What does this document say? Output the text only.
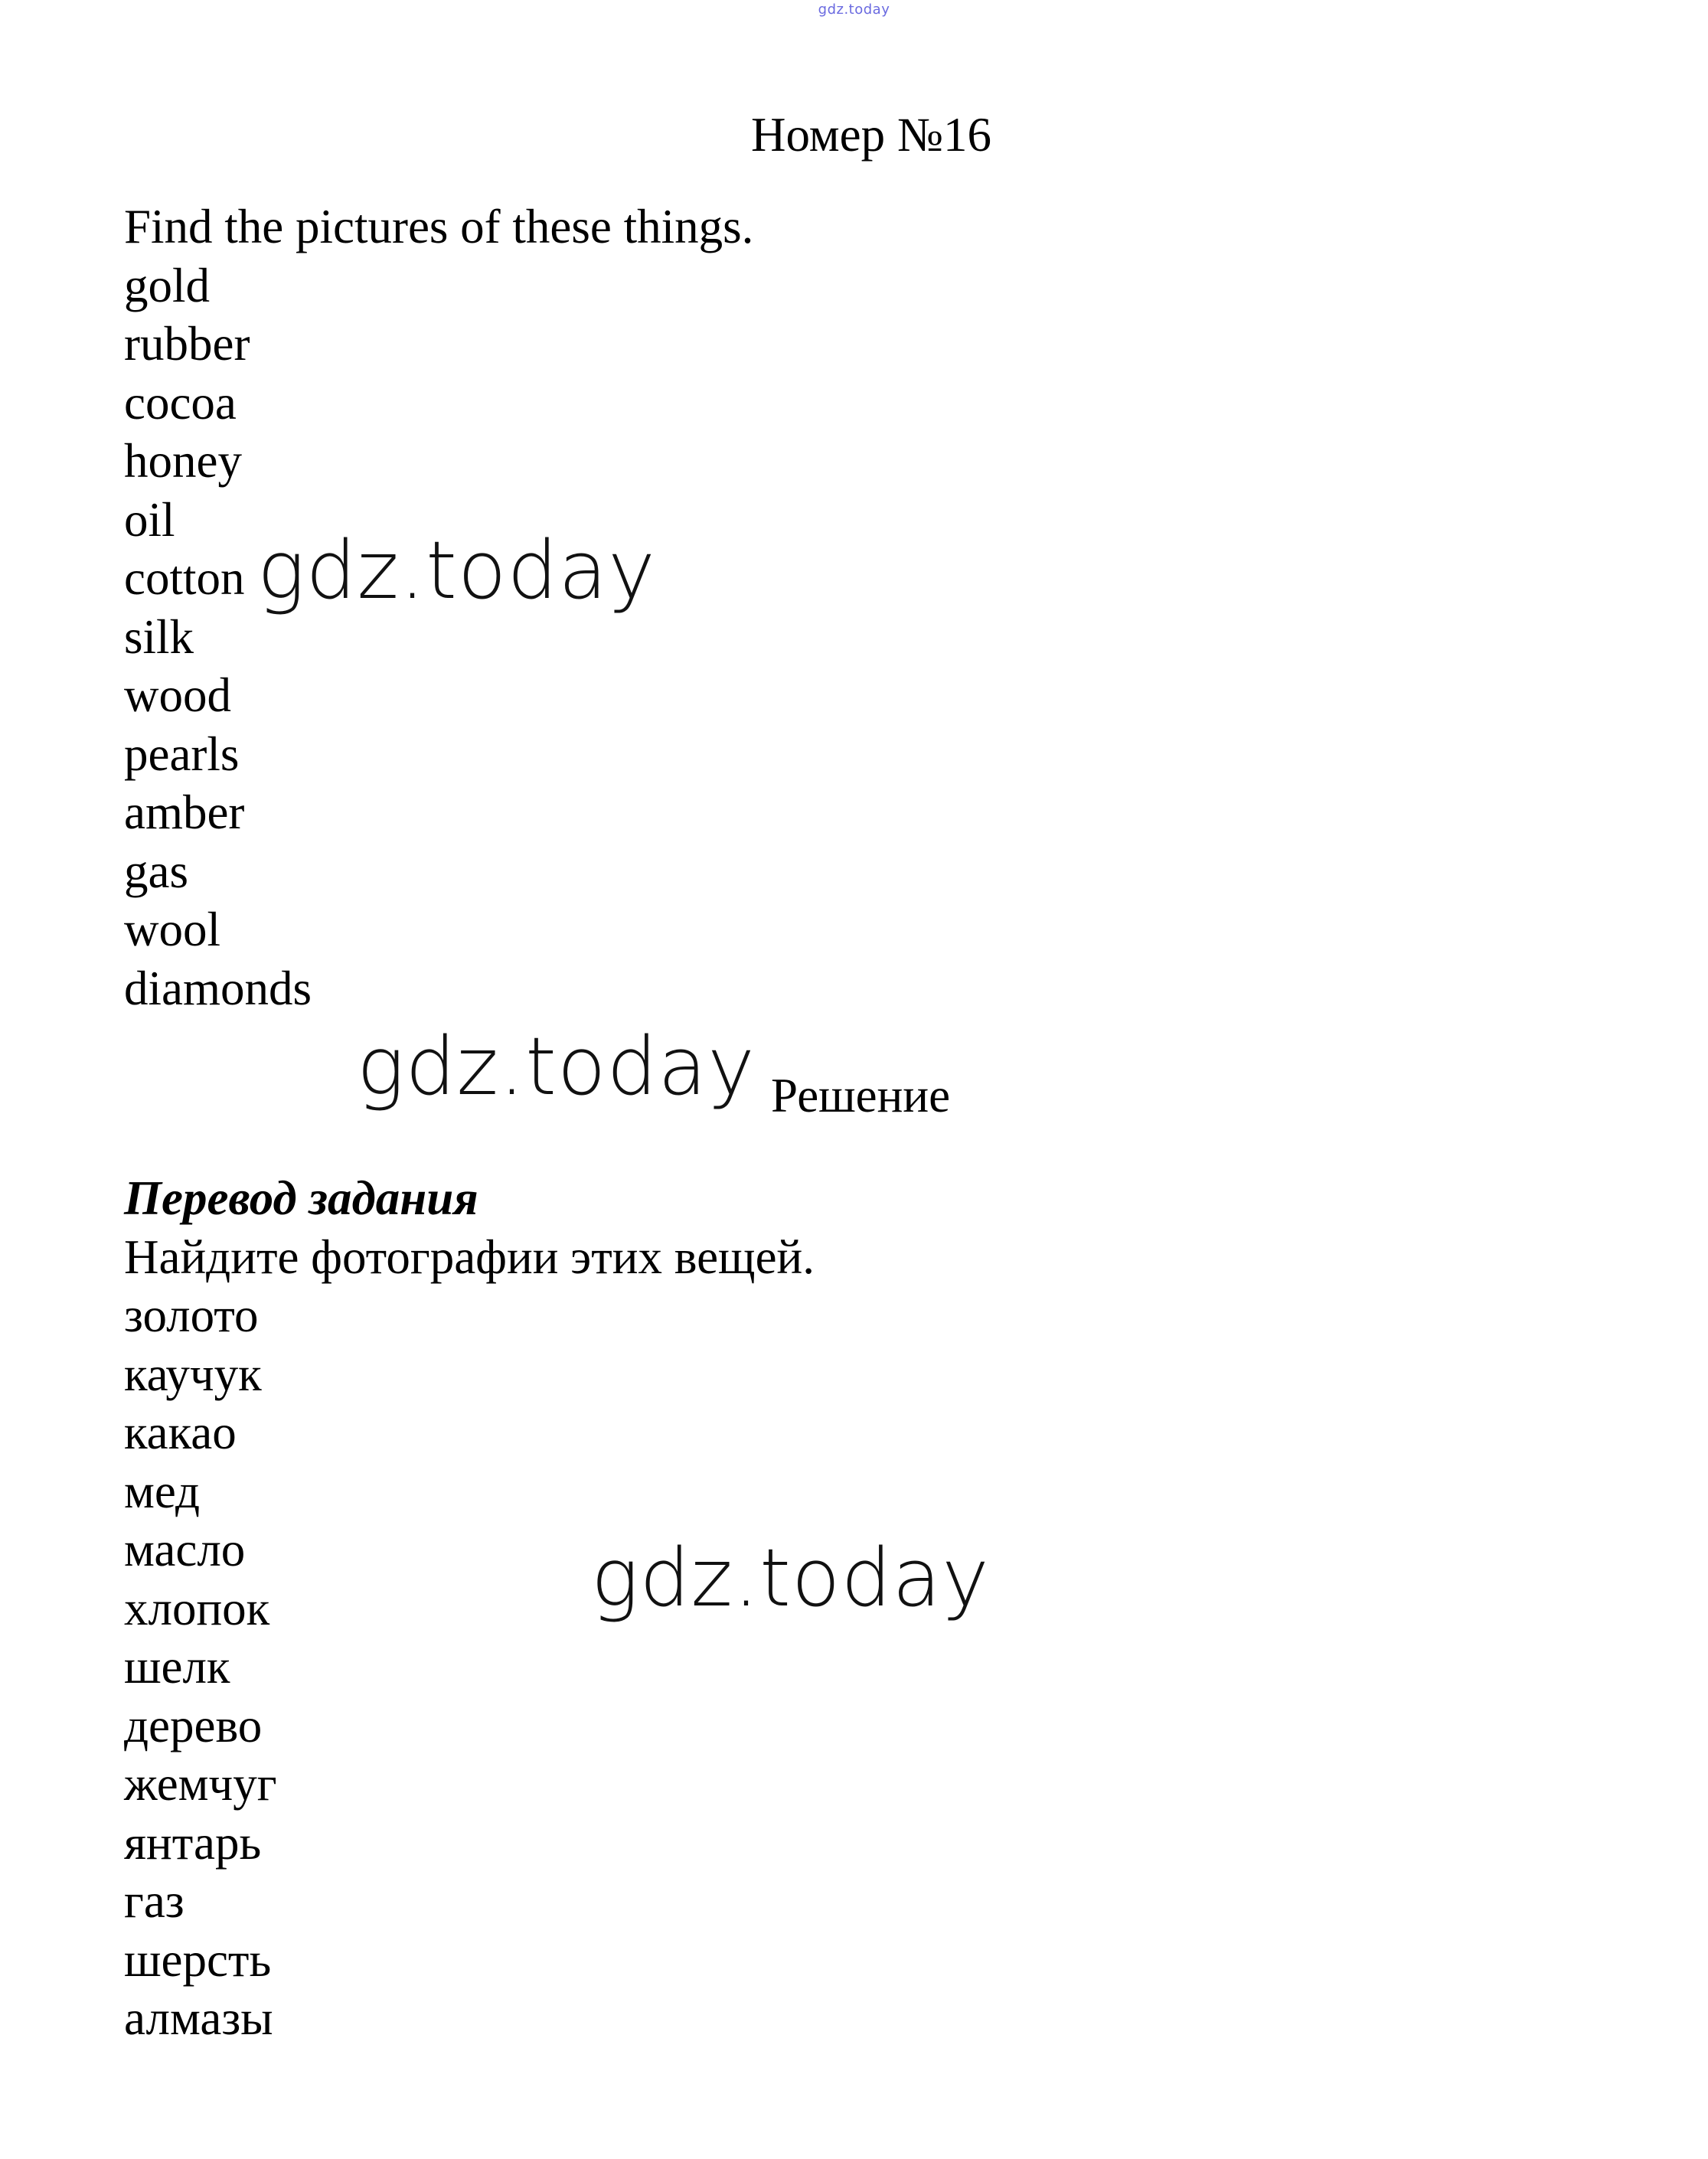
gdz.today
Номер №16
Find the pictures of these things.
gold
rubber
cocoa
honey
oil
cotton
silk
wood
pearls
amber
gas
wool
diamonds
Решение
Перевод задания
Найдите фотографии этих вещей.
золото
каучук
какао
мед
масло
хлопок
шелк
дерево
жемчуг
янтарь
газ
шерсть
алмазы
gdz.today
gdz.today
gdz.today
